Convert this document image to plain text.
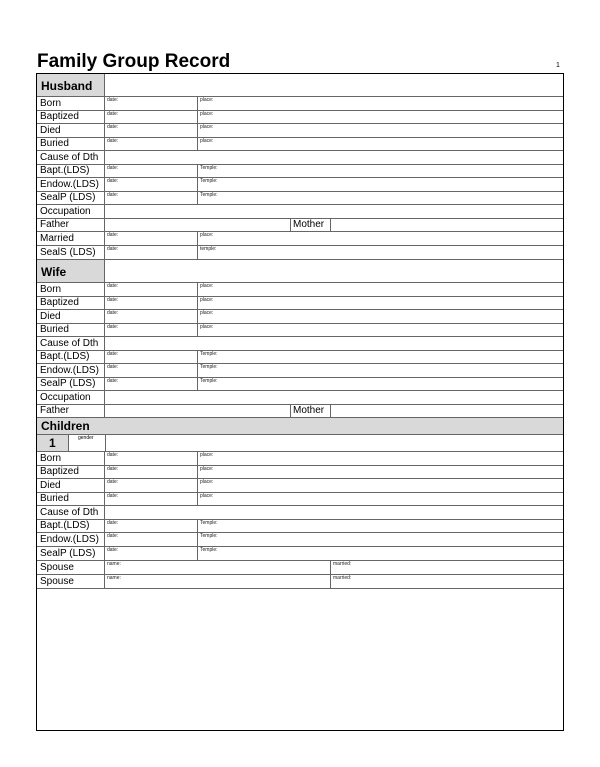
Family Group Record	1
Husband
Born	date:	place:
Baptized	date:	place:
Died	date:	place:
Buried	date:	place:
Cause of Dth
Bapt.(LDS)	date:	Temple:
Endow.(LDS) date:	Temple:
SealP (LDS) date:	Temple:
Occupation
Father	Mother
Married	date:	place:
SealS (LDS) date:	temple:
Wife
Born	date:	place:
Baptized	date:	place:
Died	date:	place:
Buried	date:	place:
Cause of Dth
Bapt.(LDS)	date:	Temple:
Endow.(LDS) date:	Temple:
SealP (LDS) date:	Temple:
Occupation
Father	Mother
Children
1	gender
Born	date:	place:
Baptized	date:	place:
Died	date:	place:
Buried	date:	place:
Cause of Dth
Bapt.(LDS)	date:	Temple:
Endow.(LDS) date:	Temple:
SealP (LDS) date:	Temple:
Spouse	name:	married:
Spouse	name:	married:
